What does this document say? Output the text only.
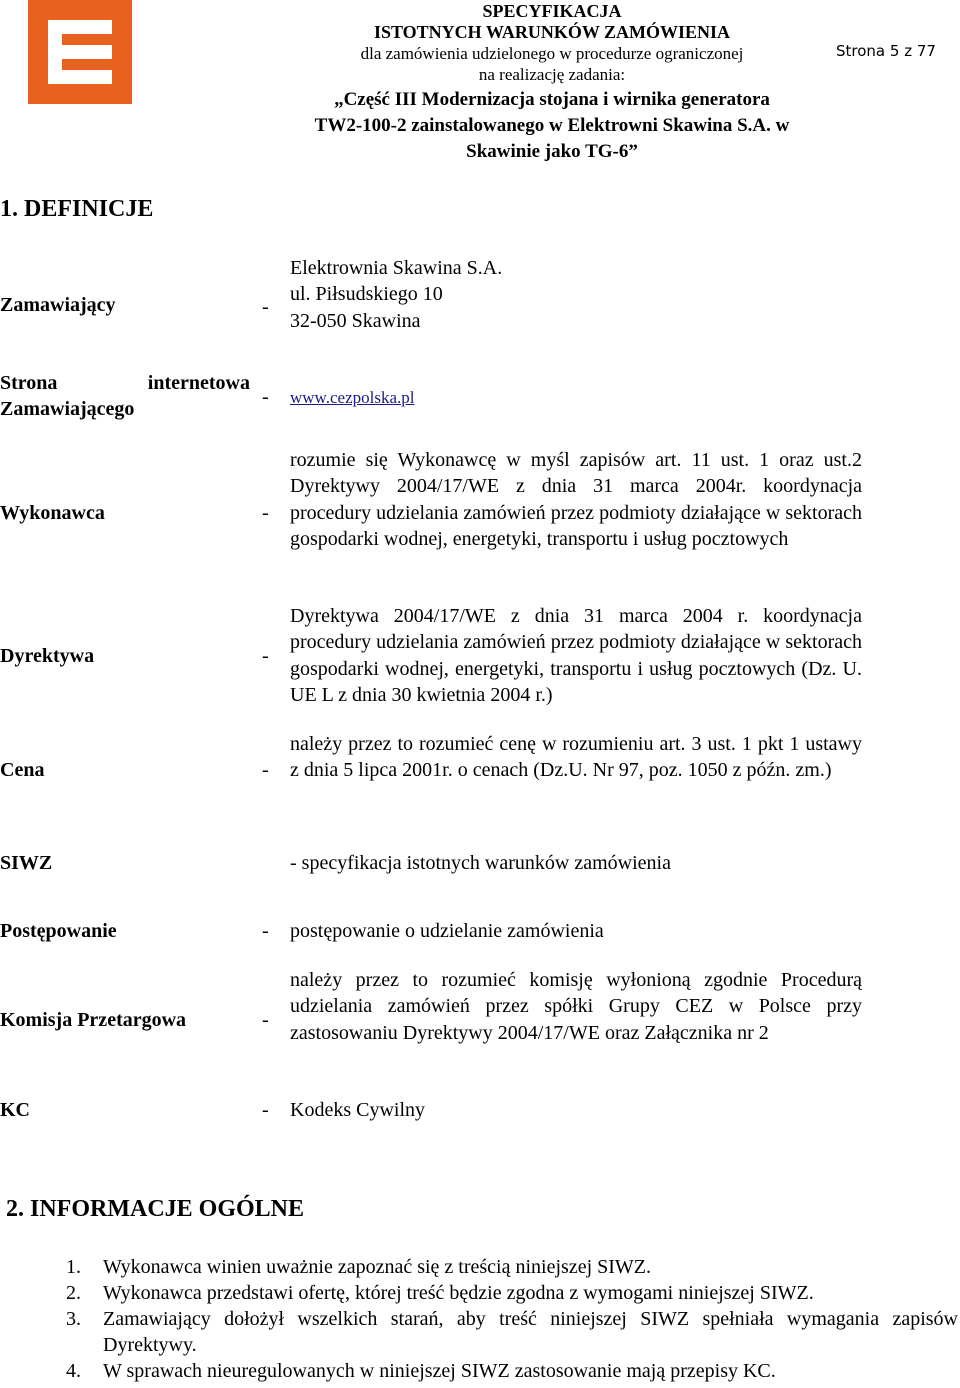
SPECYFIKACJA
ISTOTNYCH WARUNKÓW ZAMÓWIENIA
dla zamówienia udzielonego w procedurze ograniczonej
na realizację zadania:
„Część III Modernizacja stojana i wirnika generatora
TW2-100-2 zainstalowanego w Elektrowni Skawina S.A. w
Skawinie jako TG-6”
Strona 5 z 77
1. DEFINICJE
Zamawiający	-
Elektrownia Skawina S.A.
ul. Piłsudskiego 10
32-050 Skawina
Strona	internetowa
Zamawiającego
- www.cezpolska.pl
Wykonawca	-
rozumie się Wykonawcę w myśl zapisów art. 11 ust. 1 oraz ust.2 Dyrektywy 2004/17/WE z dnia 31 marca 2004r. koordynacja procedury udzielania zamówień przez podmioty działające w sektorach gospodarki wodnej, energetyki, transportu i usług pocztowych
Dyrektywa	-
Dyrektywa 2004/17/WE z dnia 31 marca 2004 r. koordynacja procedury udzielania zamówień przez podmioty działające w sektorach gospodarki wodnej, energetyki, transportu i usług pocztowych (Dz. U. UE L z dnia 30 kwietnia 2004 r.)
Cena	-
należy przez to rozumieć cenę w rozumieniu art. 3 ust. 1 pkt 1 ustawy z dnia 5 lipca 2001r. o cenach (Dz.U. Nr 97, poz. 1050 z późn. zm.)
SIWZ	- specyfikacja istotnych warunków zamówienia
Postępowanie	- postępowanie o udzielanie zamówienia
Komisja Przetargowa	-
należy przez to rozumieć komisję wyłonioną zgodnie Procedurą udzielania zamówień przez spółki Grupy CEZ w Polsce przy zastosowaniu Dyrektywy 2004/17/WE oraz Załącznika nr 2
KC	- Kodeks Cywilny
2. INFORMACJE OGÓLNE
1. Wykonawca winien uważnie zapoznać się z treścią niniejszej SIWZ.
2. Wykonawca przedstawi ofertę, której treść będzie zgodna z wymogami niniejszej SIWZ.
3. Zamawiający dołożył wszelkich starań, aby treść niniejszej SIWZ spełniała wymagania zapisów Dyrektywy.
4. W sprawach nieuregulowanych w niniejszej SIWZ zastosowanie mają przepisy KC.
